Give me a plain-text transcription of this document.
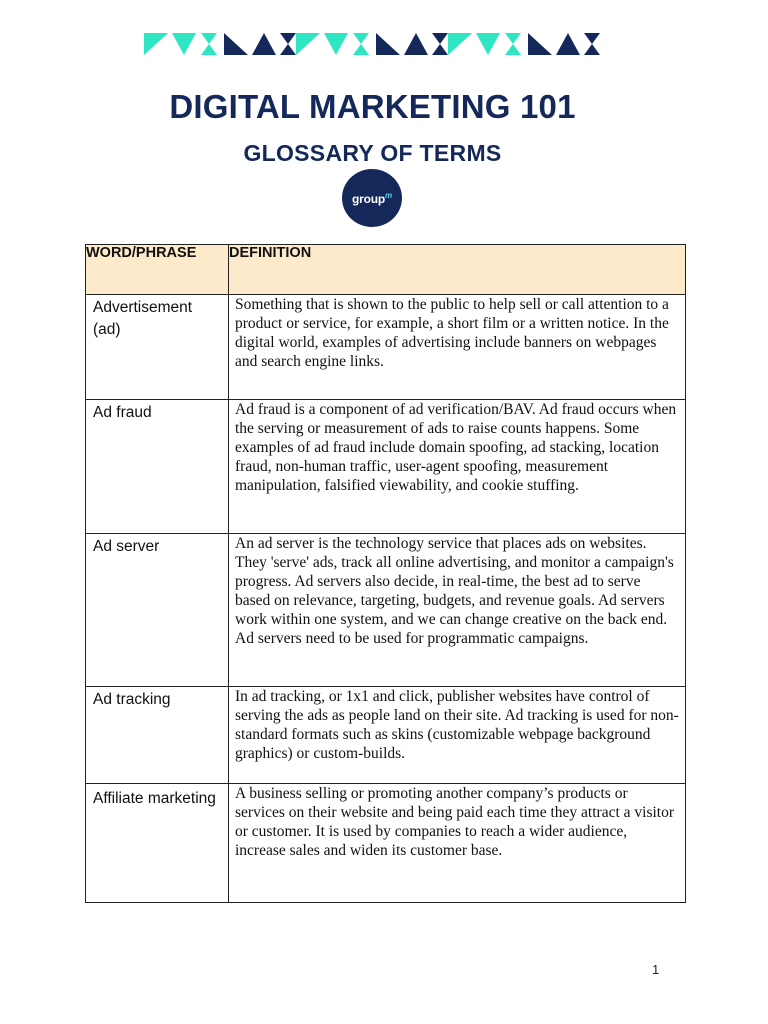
DIGITAL MARKETING 101
GLOSSARY OF TERMS
group$^m$
WORD/PHRASE	DEFINITION
Advertisement (ad)	Something that is shown to the public to help sell or call attention to a product or service, for example, a short film or a written notice. In the digital world, examples of advertising include banners on webpages and search engine links.
Ad fraud	Ad fraud is a component of ad verification/BAV. Ad fraud occurs when the serving or measurement of ads to raise counts happens. Some examples of ad fraud include domain spoofing, ad stacking, location fraud, non-human traffic, user-agent spoofing, measurement manipulation, falsified viewability, and cookie stuffing.
Ad server	An ad server is the technology service that places ads on websites. They 'serve' ads, track all online advertising, and monitor a campaign's progress. Ad servers also decide, in real-time, the best ad to serve based on relevance, targeting, budgets, and revenue goals. Ad servers work within one system, and we can change creative on the back end. Ad servers need to be used for programmatic campaigns.
Ad tracking	In ad tracking, or 1x1 and click, publisher websites have control of serving the ads as people land on their site. Ad tracking is used for non-standard formats such as skins (customizable webpage background graphics) or custom-builds.
Affiliate marketing	A business selling or promoting another company’s products or services on their website and being paid each time they attract a visitor or customer. It is used by companies to reach a wider audience, increase sales and widen its customer base.
1
